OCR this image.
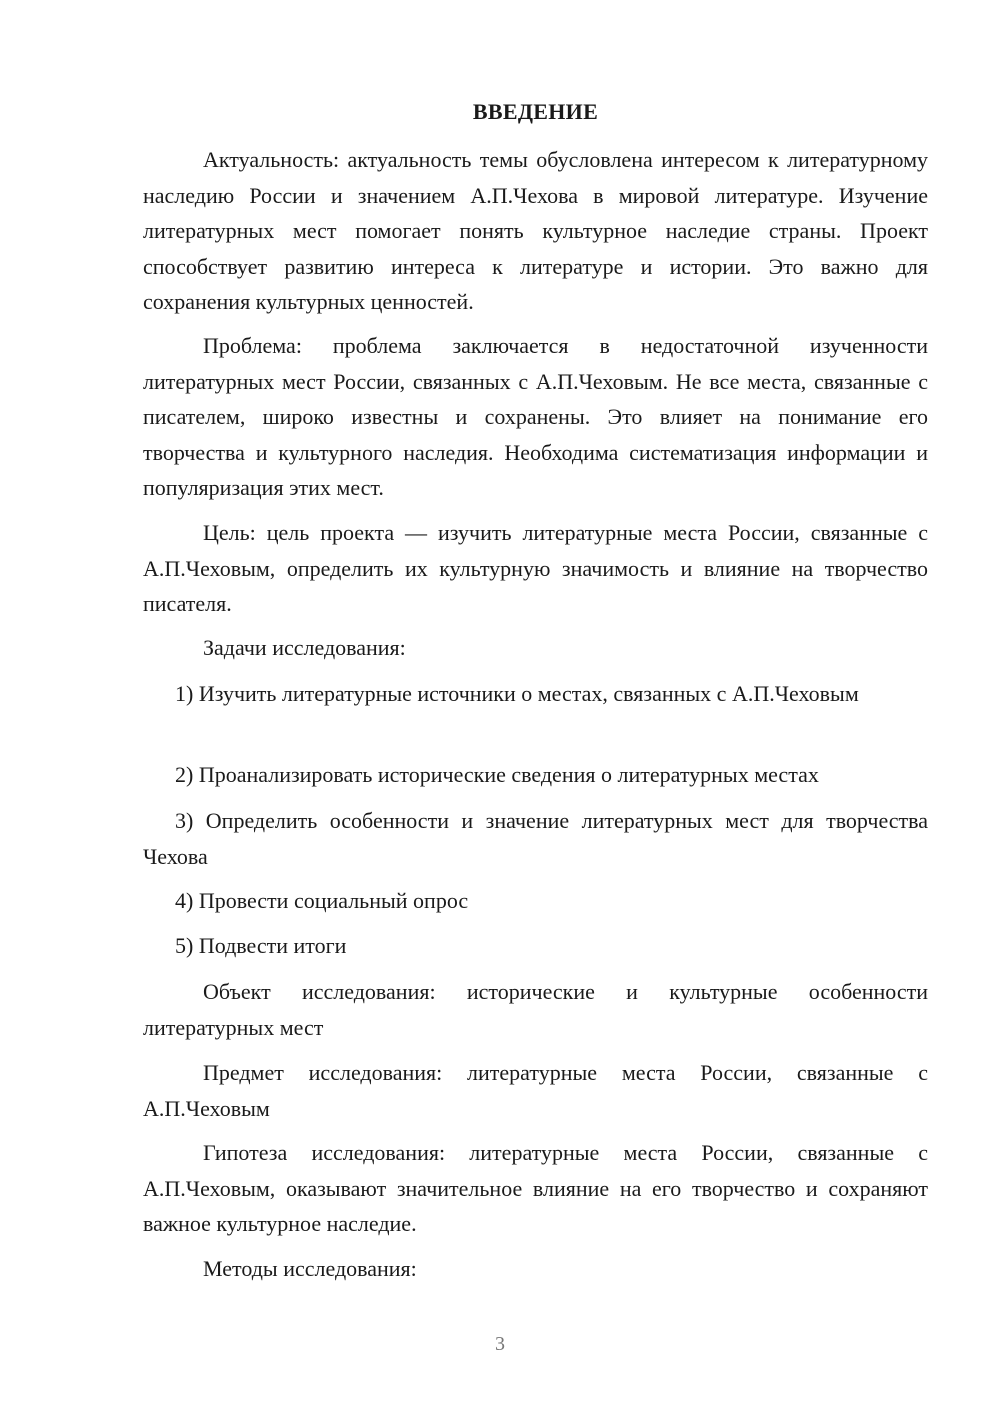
ВВЕДЕНИЕ

Актуальность: актуальность темы обусловлена интересом к литературному наследию России и значением А.П.Чехова в мировой литературе. Изучение литературных мест помогает понять культурное наследие страны. Проект способствует развитию интереса к литературе и истории. Это важно для сохранения культурных ценностей.

Проблема: проблема заключается в недостаточной изученности литературных мест России, связанных с А.П.Чеховым. Не все места, связанные с писателем, широко известны и сохранены. Это влияет на понимание его творчества и культурного наследия. Необходима систематизация информации и популяризация этих мест.

Цель: цель проекта — изучить литературные места России, связанные с А.П.Чеховым, определить их культурную значимость и влияние на творчество писателя.

Задачи исследования:

1) Изучить литературные источники о местах, связанных с А.П.Чеховым

2) Проанализировать исторические сведения о литературных местах

3) Определить особенности и значение литературных мест для творчества Чехова

4) Провести социальный опрос

5) Подвести итоги

Объект исследования: исторические и культурные особенности литературных мест

Предмет исследования: литературные места России, связанные с А.П.Чеховым

Гипотеза исследования: литературные места России, связанные с А.П.Чеховым, оказывают значительное влияние на его творчество и сохраняют важное культурное наследие.

Методы исследования:

3
